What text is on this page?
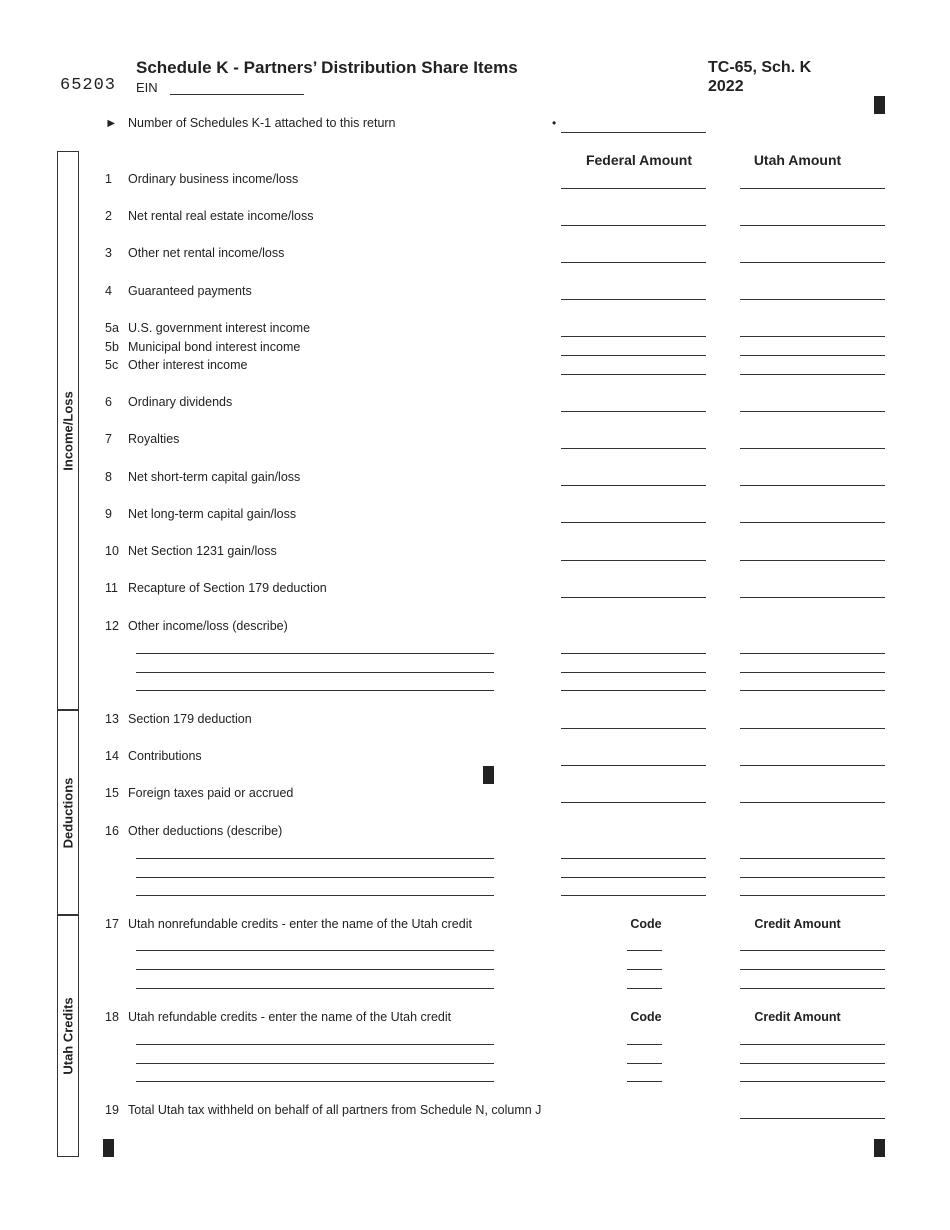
65203
Schedule K - Partners’ Distribution Share Items
EIN
TC-65, Sch. K
2022
► Number of Schedules K-1 attached to this return	•
Federal Amount	Utah Amount
Income/Loss
Deductions
Utah Credits
1 Ordinary business income/loss
2 Net rental real estate income/loss
3 Other net rental income/loss
4 Guaranteed payments
5a U.S. government interest income
5b Municipal bond interest income
5c Other interest income
6 Ordinary dividends
7 Royalties
8 Net short-term capital gain/loss
9 Net long-term capital gain/loss
10 Net Section 1231 gain/loss
11 Recapture of Section 179 deduction
12 Other income/loss (describe)
13 Section 179 deduction
14 Contributions
15 Foreign taxes paid or accrued
16 Other deductions (describe)
17 Utah nonrefundable credits - enter the name of the Utah credit
18 Utah refundable credits - enter the name of the Utah credit
19 Total Utah tax withheld on behalf of all partners from Schedule N, column J
Code	Credit Amount
Code	Credit Amount
